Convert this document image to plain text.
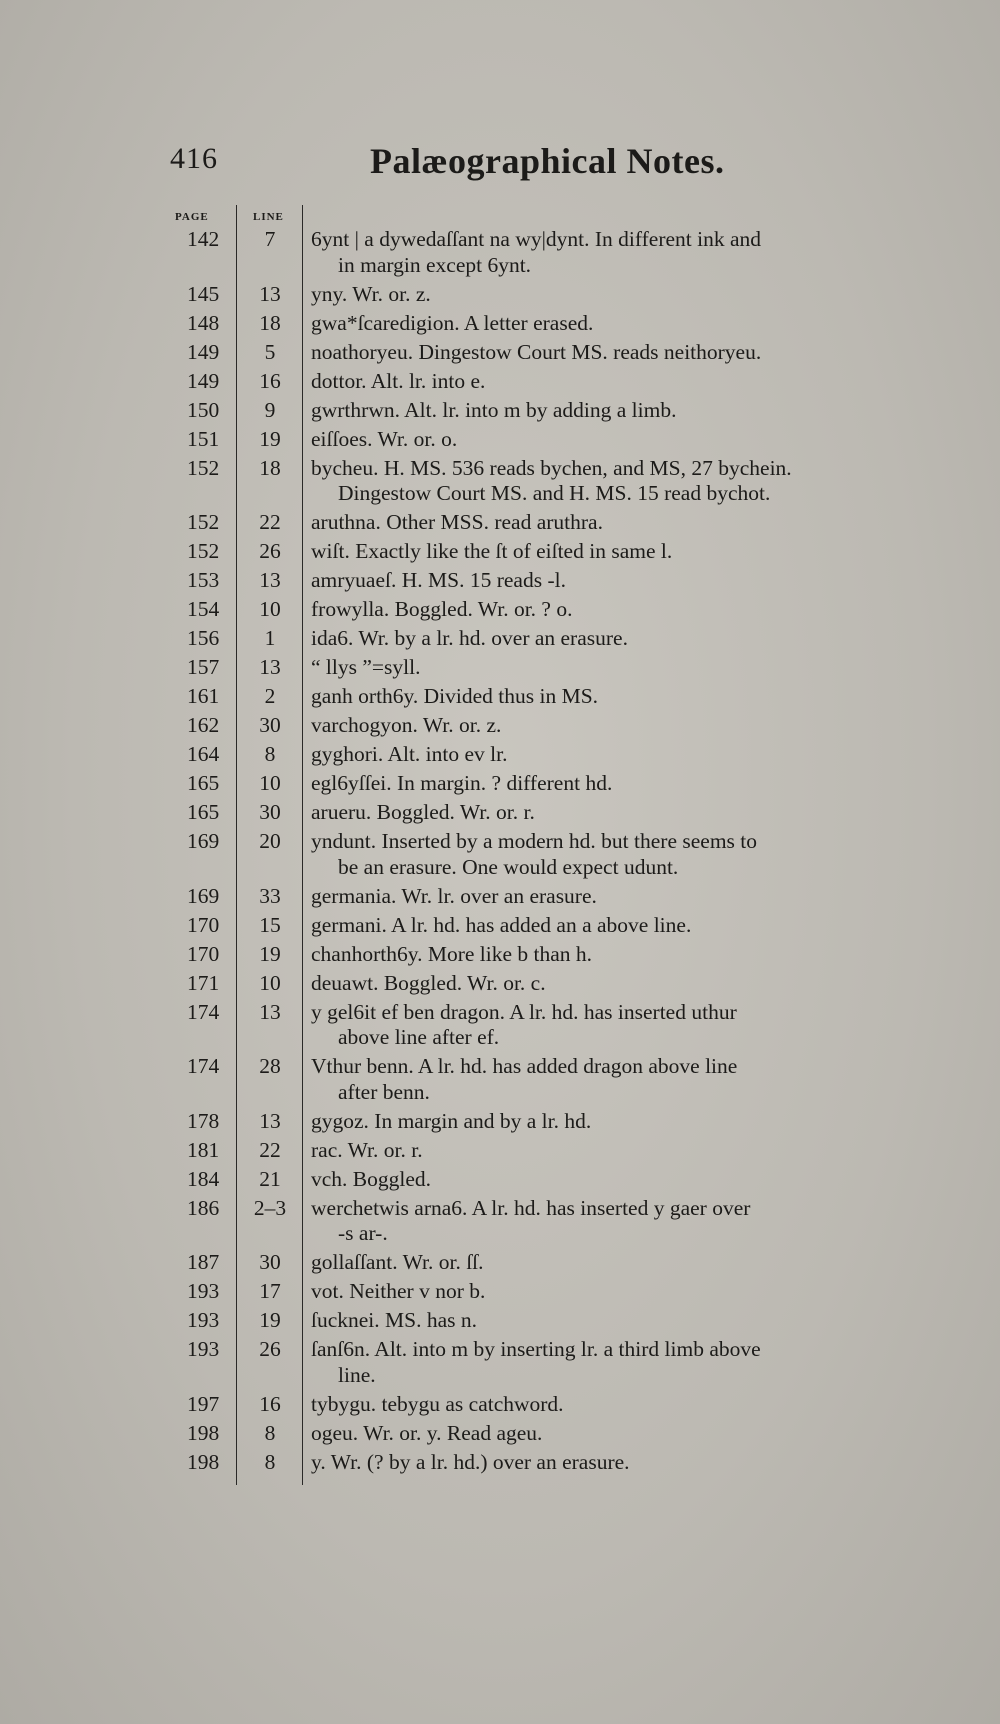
416	Palæographical Notes.
PAGE	LINE
142	7	6ynt | a dywedaſſant na wy|dynt. In different ink and
in margin except 6ynt.
145	13	yny. Wr. or. z.
148	18	gwa*ſcaredigion. A letter erased.
149	5	noathoryeu. Dingestow Court MS. reads neithoryeu.
149	16	dottor. Alt. lr. into e.
150	9	gwrthrwn. Alt. lr. into m by adding a limb.
151	19	eiſſoes. Wr. or. o.
152	18	bycheu. H. MS. 536 reads bychen, and MS, 27 bychein.
Dingestow Court MS. and H. MS. 15 read bychot.
152	22	aruthna. Other MSS. read aruthra.
152	26	wiſt. Exactly like the ſt of eiſted in same l.
153	13	amryuaeſ. H. MS. 15 reads -l.
154	10	frowylla. Boggled. Wr. or. ? o.
156	1	ida6. Wr. by a lr. hd. over an erasure.
157	13	“ llys ”=syll.
161	2	ganh orth6y. Divided thus in MS.
162	30	varchogyon. Wr. or. z.
164	8	gyghori. Alt. into ev lr.
165	10	egl6yſſei. In margin. ? different hd.
165	30	arueru. Boggled. Wr. or. r.
169	20	yndunt. Inserted by a modern hd. but there seems to
be an erasure. One would expect udunt.
169	33	germania. Wr. lr. over an erasure.
170	15	germani. A lr. hd. has added an a above line.
170	19	chanhorth6y. More like b than h.
171	10	deuawt. Boggled. Wr. or. c.
174	13	y gel6it ef ben dragon. A lr. hd. has inserted uthur
above line after ef.
174	28	Vthur benn. A lr. hd. has added dragon above line
after benn.
178	13	gygoz. In margin and by a lr. hd.
181	22	rac. Wr. or. r.
184	21	vch. Boggled.
186	2–3	werchetwis arna6. A lr. hd. has inserted y gaer over
-s ar-.
187	30	gollaſſant. Wr. or. ſſ.
193	17	vot. Neither v nor b.
193	19	ſucknei. MS. has n.
193	26	ſanſ6n. Alt. into m by inserting lr. a third limb above
line.
197	16	tybygu. tebygu as catchword.
198	8	ogeu. Wr. or. y. Read ageu.
198	8	y. Wr. (? by a lr. hd.) over an erasure.
